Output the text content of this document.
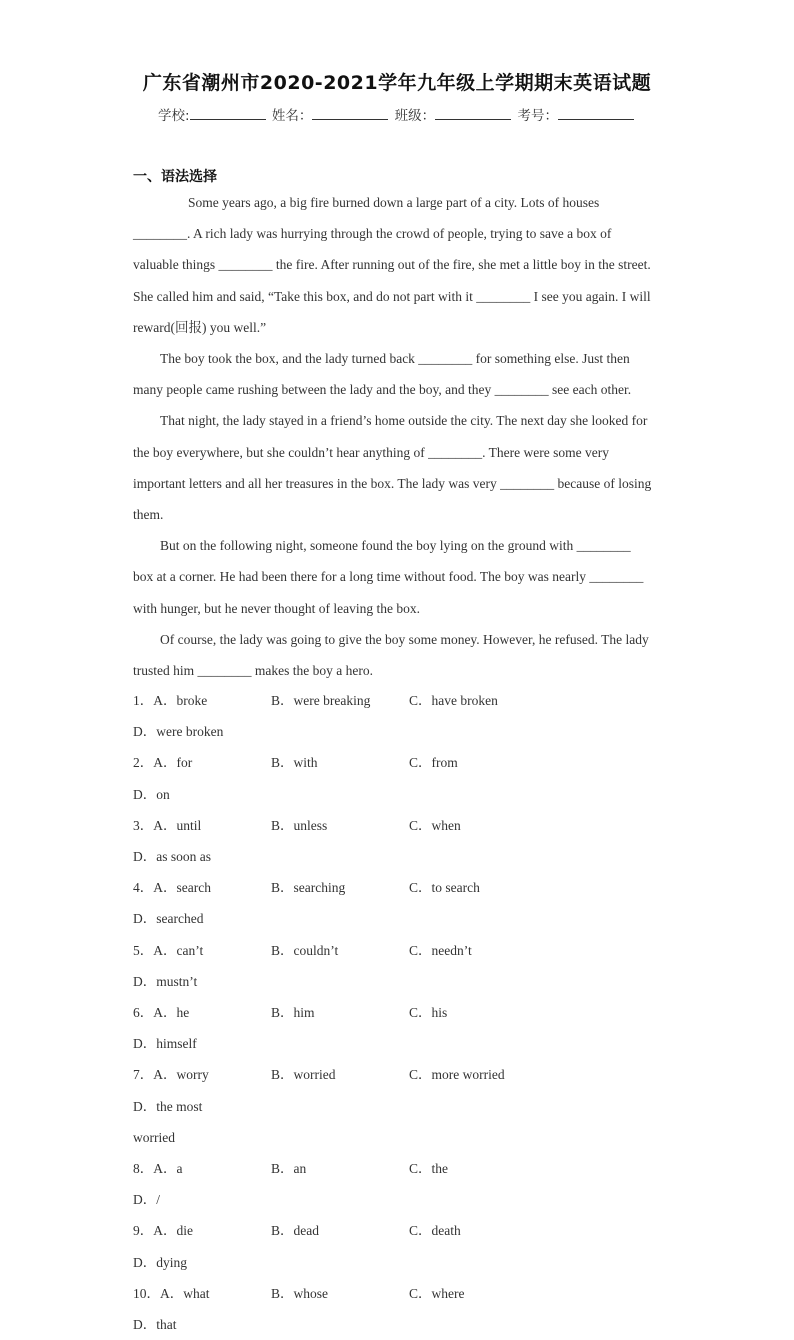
广东省潮州市2020-2021学年九年级上学期期末英语试题
学校:	姓名：	班级：	考号：
一、语法选择

Some years ago, a big fire burned down a large part of a city. Lots of houses ________. A rich lady was hurrying through the crowd of people, trying to save a box of valuable things ________ the fire. After running out of the fire, she met a little boy in the street. She called him and said, “Take this box, and do not part with it ________ I see you again. I will reward(回报) you well.”

The boy took the box, and the lady turned back ________ for something else. Just then many people came rushing between the lady and the boy, and they ________ see each other.

That night, the lady stayed in a friend’s home outside the city. The next day she looked for the boy everywhere, but she couldn’t hear anything of ________. There were some very important letters and all her treasures in the box. The lady was very ________ because of losing them.

But on the following night, someone found the boy lying on the ground with ________ box at a corner. He had been there for a long time without food. The boy was nearly ________ with hunger, but he never thought of leaving the box.

Of course, the lady was going to give the boy some money. However, he refused. The lady trusted him ________ makes the boy a hero.

1．A．broke	B．were breaking	C．have broken
D．were broken
2．A．for	B．with	C．from
D．on
3．A．until	B．unless	C．when
D．as soon as
4．A．search	B．searching	C．to search
D．searched
5．A．can’t	B．couldn’t	C．needn’t
D．mustn’t
6．A．he	B．him	C．his
D．himself
7．A．worry	B．worried	C．more worried
D．the most
worried
8．A．a	B．an	C．the
D．/
9．A．die	B．dead	C．death
D．dying
10．A．what	B．whose	C．where
D．that
